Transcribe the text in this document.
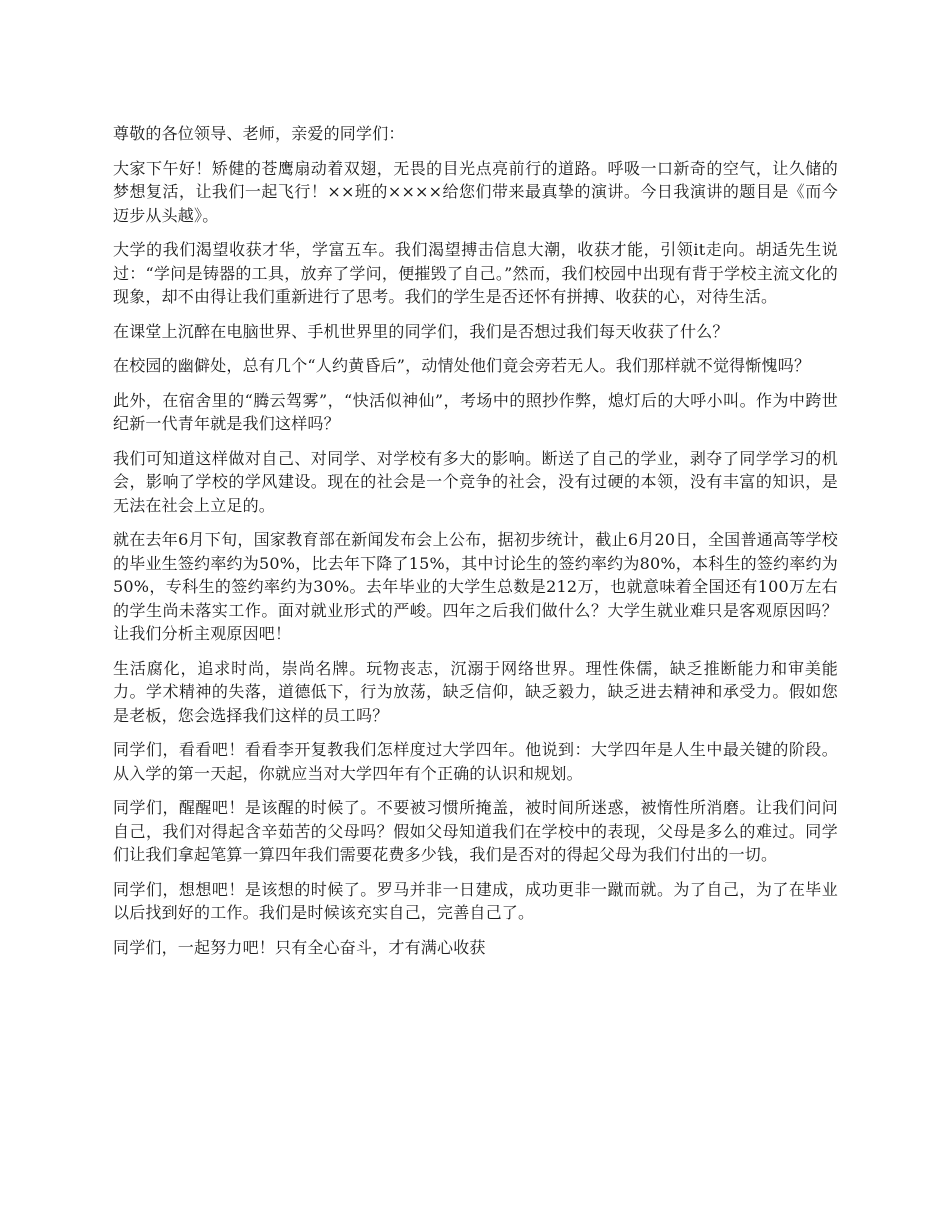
尊敬的各位领导、老师，亲爱的同学们：

大家下午好！矫健的苍鹰扇动着双翅，无畏的目光点亮前行的道路。呼吸一口新奇的空气，让久储的梦想复活，让我们一起飞行！××班的××××给您们带来最真挚的演讲。今日我演讲的题目是《而今迈步从头越》。

大学的我们渴望收获才华，学富五车。我们渴望搏击信息大潮，收获才能，引领it走向。胡适先生说过：“学问是铸器的工具，放弃了学问，便摧毁了自己。”然而，我们校园中出现有背于学校主流文化的现象，却不由得让我们重新进行了思考。我们的学生是否还怀有拼搏、收获的心，对待生活。

在课堂上沉醉在电脑世界、手机世界里的同学们，我们是否想过我们每天收获了什么？

在校园的幽僻处，总有几个“人约黄昏后”，动情处他们竟会旁若无人。我们那样就不觉得惭愧吗？

此外，在宿舍里的“腾云驾雾”，“快活似神仙”，考场中的照抄作弊，熄灯后的大呼小叫。作为中跨世纪新一代青年就是我们这样吗？

我们可知道这样做对自己、对同学、对学校有多大的影响。断送了自己的学业，剥夺了同学学习的机会，影响了学校的学风建设。现在的社会是一个竞争的社会，没有过硬的本领，没有丰富的知识，是无法在社会上立足的。

就在去年6月下旬，国家教育部在新闻发布会上公布，据初步统计，截止6月20日，全国普通高等学校的毕业生签约率约为50%，比去年下降了15%，其中讨论生的签约率约为80%，本科生的签约率约为50%，专科生的签约率约为30%。去年毕业的大学生总数是212万，也就意味着全国还有100万左右的学生尚未落实工作。面对就业形式的严峻。四年之后我们做什么？大学生就业难只是客观原因吗？让我们分析主观原因吧！

生活腐化，追求时尚，崇尚名牌。玩物丧志，沉溺于网络世界。理性侏儒，缺乏推断能力和审美能力。学术精神的失落，道德低下，行为放荡，缺乏信仰，缺乏毅力，缺乏进去精神和承受力。假如您是老板，您会选择我们这样的员工吗？

同学们，看看吧！看看李开复教我们怎样度过大学四年。他说到：大学四年是人生中最关键的阶段。从入学的第一天起，你就应当对大学四年有个正确的认识和规划。

同学们，醒醒吧！是该醒的时候了。不要被习惯所掩盖，被时间所迷惑，被惰性所消磨。让我们问问自己，我们对得起含辛茹苦的父母吗？假如父母知道我们在学校中的表现，父母是多么的难过。同学们让我们拿起笔算一算四年我们需要花费多少钱，我们是否对的得起父母为我们付出的一切。

同学们，想想吧！是该想的时候了。罗马并非一日建成，成功更非一蹴而就。为了自己，为了在毕业以后找到好的工作。我们是时候该充实自己，完善自己了。

同学们，一起努力吧！只有全心奋斗，才有满心收获
